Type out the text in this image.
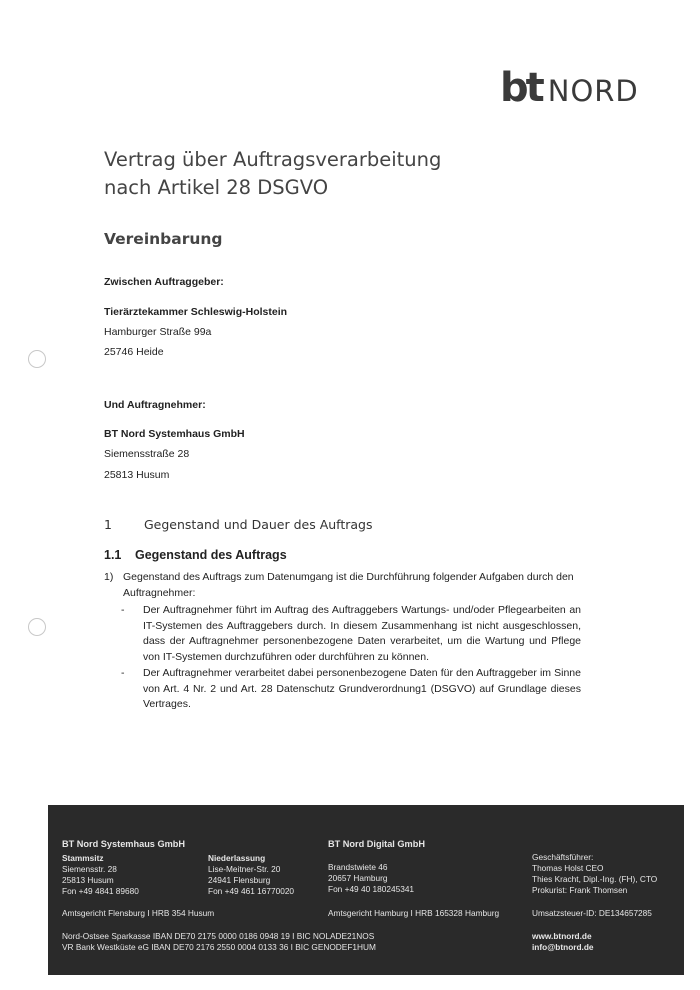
bt NORD
Vertrag über Auftragsverarbeitung
nach Artikel 28 DSGVO
Vereinbarung
Zwischen Auftraggeber:
Tierärztekammer Schleswig-Holstein
Hamburger Straße 99a
25746 Heide
Und Auftragnehmer:
BT Nord Systemhaus GmbH
Siemensstraße 28
25813 Husum
1	Gegenstand und Dauer des Auftrags
1.1 Gegenstand des Auftrags
1) Gegenstand des Auftrags zum Datenumgang ist die Durchführung folgender Aufgaben durch den Auftragnehmer:
- Der Auftragnehmer führt im Auftrag des Auftraggebers Wartungs- und/oder Pflegearbeiten an IT-Systemen des Auftraggebers durch. In diesem Zusammenhang ist nicht ausgeschlossen, dass der Auftragnehmer personenbezogene Daten verarbeitet, um die Wartung und Pflege von IT-Systemen durchzuführen oder durchführen zu können.
- Der Auftragnehmer verarbeitet dabei personenbezogene Daten für den Auftraggeber im Sinne von Art. 4 Nr. 2 und Art. 28 Datenschutz Grundverordnung1 (DSGVO) auf Grundlage dieses Vertrages.
BT Nord Systemhaus GmbH
Stammsitz
Siemensstr. 28
25813 Husum
Fon +49 4841 89680
Niederlassung
Lise-Meitner-Str. 20
24941 Flensburg
Fon +49 461 16770020
Amtsgericht Flensburg I HRB 354 Husum
BT Nord Digital GmbH
Brandstwiete 46
20657 Hamburg
Fon +49 40 180245341
Amtsgericht Hamburg I HRB 165328 Hamburg
Geschäftsführer:
Thomas Holst CEO
Thies Kracht, Dipl.-Ing. (FH), CTO
Prokurist: Frank Thomsen
Umsatzsteuer-ID: DE134657285
Nord-Ostsee Sparkasse IBAN DE70 2175 0000 0186 0948 19 I BIC NOLADE21NOS
VR Bank Westküste eG IBAN DE70 2176 2550 0004 0133 36 I BIC GENODEF1HUM
www.btnord.de
info@btnord.de
